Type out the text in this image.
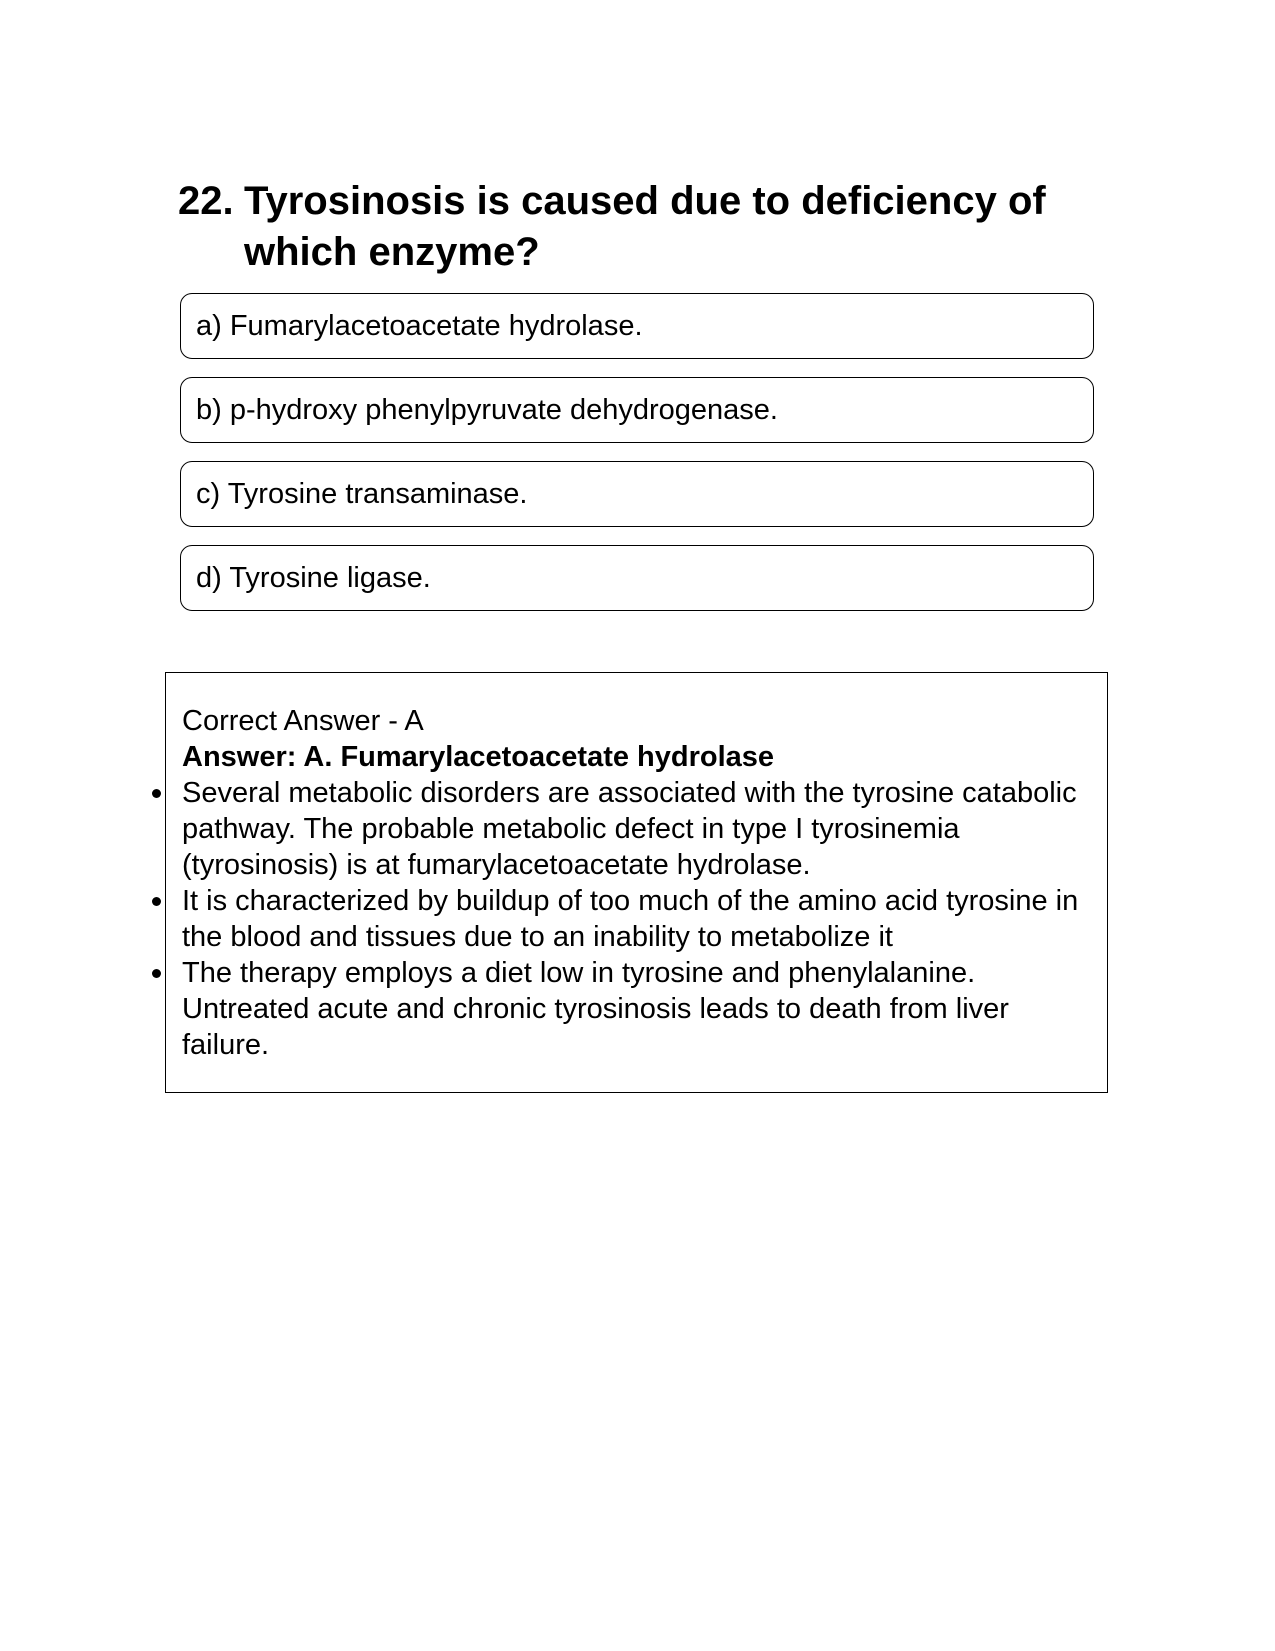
22. Tyrosinosis is caused due to deficiency of which enzyme?
a) Fumarylacetoacetate hydrolase.
b) p-hydroxy phenylpyruvate dehydrogenase.
c) Tyrosine transaminase.
d) Tyrosine ligase.

Correct Answer - A

Answer: A. Fumarylacetoacetate hydrolase

Several metabolic disorders are associated with the tyrosine catabolic pathway. The probable metabolic defect in type I tyrosinemia (tyrosinosis) is at fumarylacetoacetate hydrolase.
It is characterized by buildup of too much of the amino acid tyrosine in the blood and tissues due to an inability to metabolize it
The therapy employs a diet low in tyrosine and phenylalanine. Untreated acute and chronic tyrosinosis leads to death from liver failure.
